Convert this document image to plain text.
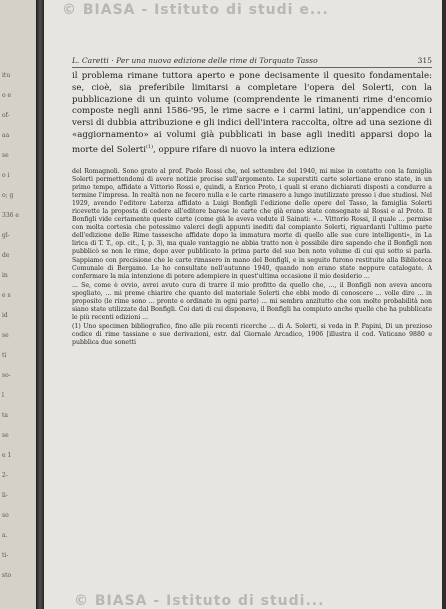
itu
o e
of-
aa
se
o i
o; g
336 e
gl-
de
in
e s
id
se
ti
so-
l
ta
se
e 1
2-
li-
so
a.
ti-
sto
© BIASA - Istituto di studi e...
L. Caretti · Per una nuova edizione delle rime di Torquato Tasso	315

il problema rimane tuttora aperto e pone decisamente il quesito fondamentale: se, cioè, sia preferibile limitarsi a completare l'opera del Solerti, con la pubblicazione di un quinto volume (comprendente le rimanenti rime d'encomio composte negli anni 1586-'95, le rime sacre e i carmi latini, un'appendice con i versi di dubbia attribuzione e gli indici dell'intera raccolta, oltre ad una sezione di «aggiornamento» ai volumi già pubblicati in base agli inediti apparsi dopo la morte del Solerti$^{(1)}$, oppure rifare di nuovo la intera edizione

del Romagnoli. Sono grato al prof. Paolo Rossi che, nel settembre del 1940, mi mise in contatto con la famiglia Solerti permettendomi di avere notizie precise sull'argomento. Le superstiti carte solertiane erano state, in un primo tempo, affidate a Vittorio Rossi e, quindi, a Enrico Proto, i quali si erano dichiarati disposti a condurre a termine l'impresa. In realtà non ne fecero nulla e le carte rimasero a lungo inutilizzate presso i due studiosi. Nel 1929, avendo l'editore Laterza affidato a Luigi Bonfigli l'edizione delle opere del Tasso, la famiglia Solerti ricevette la proposta di cedere all'editore barese le carte che già erano state consegnate al Rossi e al Proto. Il Bonfigli vide certamente queste carte (come già le aveva vedute il Sainati: «... Vittorio Rossi, il quale ... permise con molta cortesia che potessimo valerci degli appunti inediti dal compianto Solerti, riguardanti l'ultimo parte dell'edizione delle Rime tassesche affidate dopo la immatura morte di quello alle sue cure intelligenti», in La lirica di T. T., op. cit., I, p. 3), ma quale vantaggio ne abbia tratto non è possibile dire sapendo che il Bonfigli non pubblicò se non le rime, dopo aver pubblicato la prima parte del suo ben noto volume di cui qui sotto si parla. Sappiamo con precisione che le carte rimasero in mano del Bonfigli, e in seguito furono restituite alla Biblioteca Comunale di Bergamo. Le ho consultate nell'autunno 1940, quando non erano state neppure catalogate. A confermare la mia intenzione di potere adempiere in quest'ultima occasione il mio desiderio ...

... Se, come è ovvio, avrei avuto cura di trarre il mio profitto da quello che, ..., il Bonfigli non aveva ancora spogliato, ... mi preme chiarire che quanto del materiale Solerti che ebbi modo di conoscere ... volle dire ... in proposito (le rime sono ... pronte e ordinate in ogni parte) ... mi sembra anzitutto che con molte probabilità non siano state utilizzate dal Bonfigli. Coi dati di cui disponeva, il Bonfigli ha compiuto anche quelle che ha pubblicate le più recenti edizioni ...

(1) Uno specimen bibliografico, fino alle più recenti ricerche ... di A. Solerti, si veda in P. Papini, Di un prezioso codice di rime tassiane e sue derivazioni, estr. dal Giornale Arcadico, 1906 [illustra il cod. Vaticano 9880 e pubblica due sonetti

© BIASA - Istituto di studi...
